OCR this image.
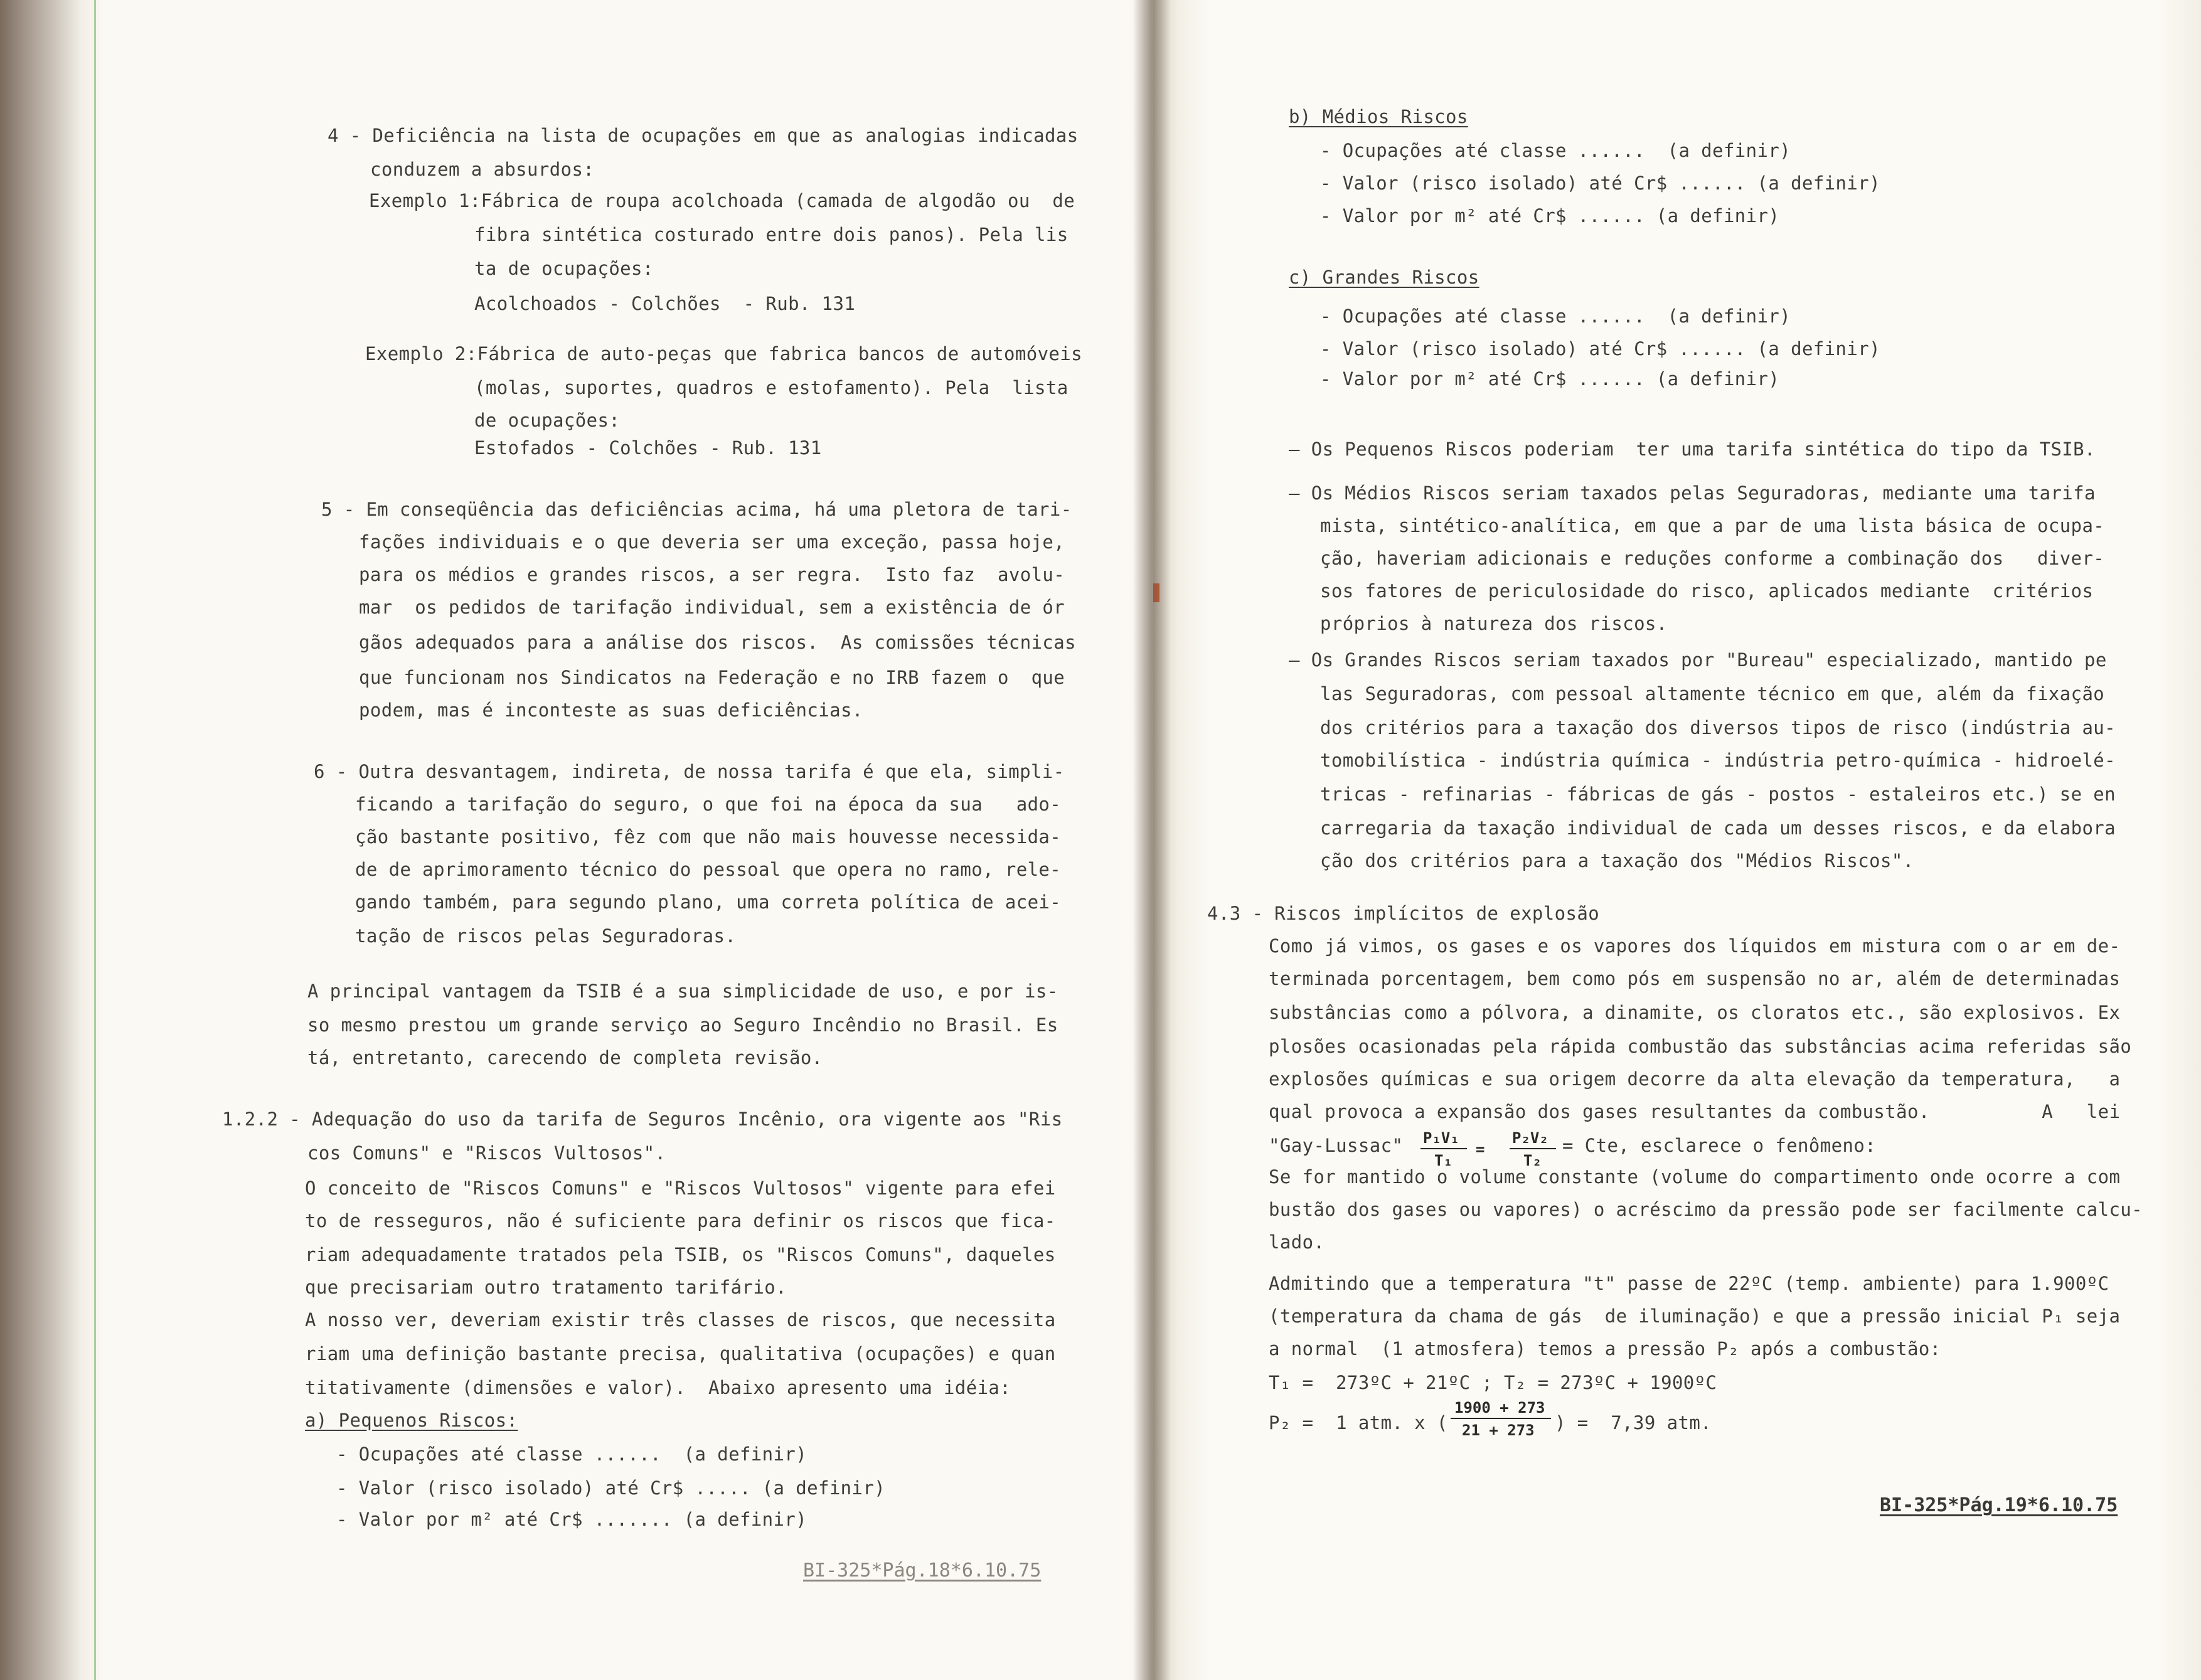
4 - Deficiência na lista de ocupações em que as analogias indicadas
conduzem a absurdos:
Exemplo 1:Fábrica de roupa acolchoada (camada de algodão ou  de
fibra sintética costurado entre dois panos). Pela lis
ta de ocupações:
Acolchoados - Colchões  - Rub. 131
Exemplo 2:Fábrica de auto-peças que fabrica bancos de automóveis
(molas, suportes, quadros e estofamento). Pela  lista
de ocupações:
Estofados - Colchões - Rub. 131
5 - Em conseqüência das deficiências acima, há uma pletora de tari-
fações individuais e o que deveria ser uma exceção, passa hoje,
para os médios e grandes riscos, a ser regra.  Isto faz  avolu-
mar  os pedidos de tarifação individual, sem a existência de ór
gãos adequados para a análise dos riscos.  As comissões técnicas
que funcionam nos Sindicatos na Federação e no IRB fazem o  que
podem, mas é inconteste as suas deficiências.
6 - Outra desvantagem, indireta, de nossa tarifa é que ela, simpli-
ficando a tarifação do seguro, o que foi na época da sua   ado-
ção bastante positivo, fêz com que não mais houvesse necessida-
de de aprimoramento técnico do pessoal que opera no ramo, rele-
gando também, para segundo plano, uma correta política de acei-
tação de riscos pelas Seguradoras.
A principal vantagem da TSIB é a sua simplicidade de uso, e por is-
so mesmo prestou um grande serviço ao Seguro Incêndio no Brasil. Es
tá, entretanto, carecendo de completa revisão.
1.2.2 - Adequação do uso da tarifa de Seguros Incênio, ora vigente aos "Ris
cos Comuns" e "Riscos Vultosos".
O conceito de "Riscos Comuns" e "Riscos Vultosos" vigente para efei
to de resseguros, não é suficiente para definir os riscos que fica-
riam adequadamente tratados pela TSIB, os "Riscos Comuns", daqueles
que precisariam outro tratamento tarifário.
A nosso ver, deveriam existir três classes de riscos, que necessita
riam uma definição bastante precisa, qualitativa (ocupações) e quan
titativamente (dimensões e valor).  Abaixo apresento uma idéia:
a) Pequenos Riscos:
- Ocupações até classe ......  (a definir)
- Valor (risco isolado) até Cr$ ..... (a definir)
- Valor por m² até Cr$ ....... (a definir)
BI-325*Pág.18*6.10.75
b) Médios Riscos
- Ocupações até classe ......  (a definir)
- Valor (risco isolado) até Cr$ ...... (a definir)
- Valor por m² até Cr$ ...... (a definir)
c) Grandes Riscos
- Ocupações até classe ......  (a definir)
- Valor (risco isolado) até Cr$ ...... (a definir)
- Valor por m² até Cr$ ...... (a definir)
— Os Pequenos Riscos poderiam  ter uma tarifa sintética do tipo da TSIB.
— Os Médios Riscos seriam taxados pelas Seguradoras, mediante uma tarifa
mista, sintético-analítica, em que a par de uma lista básica de ocupa-
ção, haveriam adicionais e reduções conforme a combinação dos   diver-
sos fatores de periculosidade do risco, aplicados mediante  critérios
próprios à natureza dos riscos.
— Os Grandes Riscos seriam taxados por "Bureau" especializado, mantido pe
las Seguradoras, com pessoal altamente técnico em que, além da fixação
dos critérios para a taxação dos diversos tipos de risco (indústria au-
tomobilística - indústria química - indústria petro-química - hidroelé-
tricas - refinarias - fábricas de gás - postos - estaleiros etc.) se en
carregaria da taxação individual de cada um desses riscos, e da elabora
ção dos critérios para a taxação dos "Médios Riscos".
4.3 - Riscos implícitos de explosão
Como já vimos, os gases e os vapores dos líquidos em mistura com o ar em de-
terminada porcentagem, bem como pós em suspensão no ar, além de determinadas
substâncias como a pólvora, a dinamite, os cloratos etc., são explosivos. Ex
plosões ocasionadas pela rápida combustão das substâncias acima referidas são
explosões químicas e sua origem decorre da alta elevação da temperatura,   a
qual provoca a expansão dos gases resultantes da combustão.          A   lei
"Gay-Lussac" P₁V₁
T₁
=
P₂V₂
T₂
= Cte, esclarece o fenômeno:
Se for mantido o volume constante (volume do compartimento onde ocorre a com
bustão dos gases ou vapores) o acréscimo da pressão pode ser facilmente calcu-
lado.
Admitindo que a temperatura "t" passe de 22ºC (temp. ambiente) para 1.900ºC
(temperatura da chama de gás  de iluminação) e que a pressão inicial P₁ seja
a normal  (1 atmosfera) temos a pressão P₂ após a combustão:
T₁ =  273ºC + 21ºC ; T₂ = 273ºC + 1900ºC
P₂ =  1 atm. x (
1900 + 273
21 + 273 ) =  7,39 atm.
BI-325*Pág.19*6.10.75
